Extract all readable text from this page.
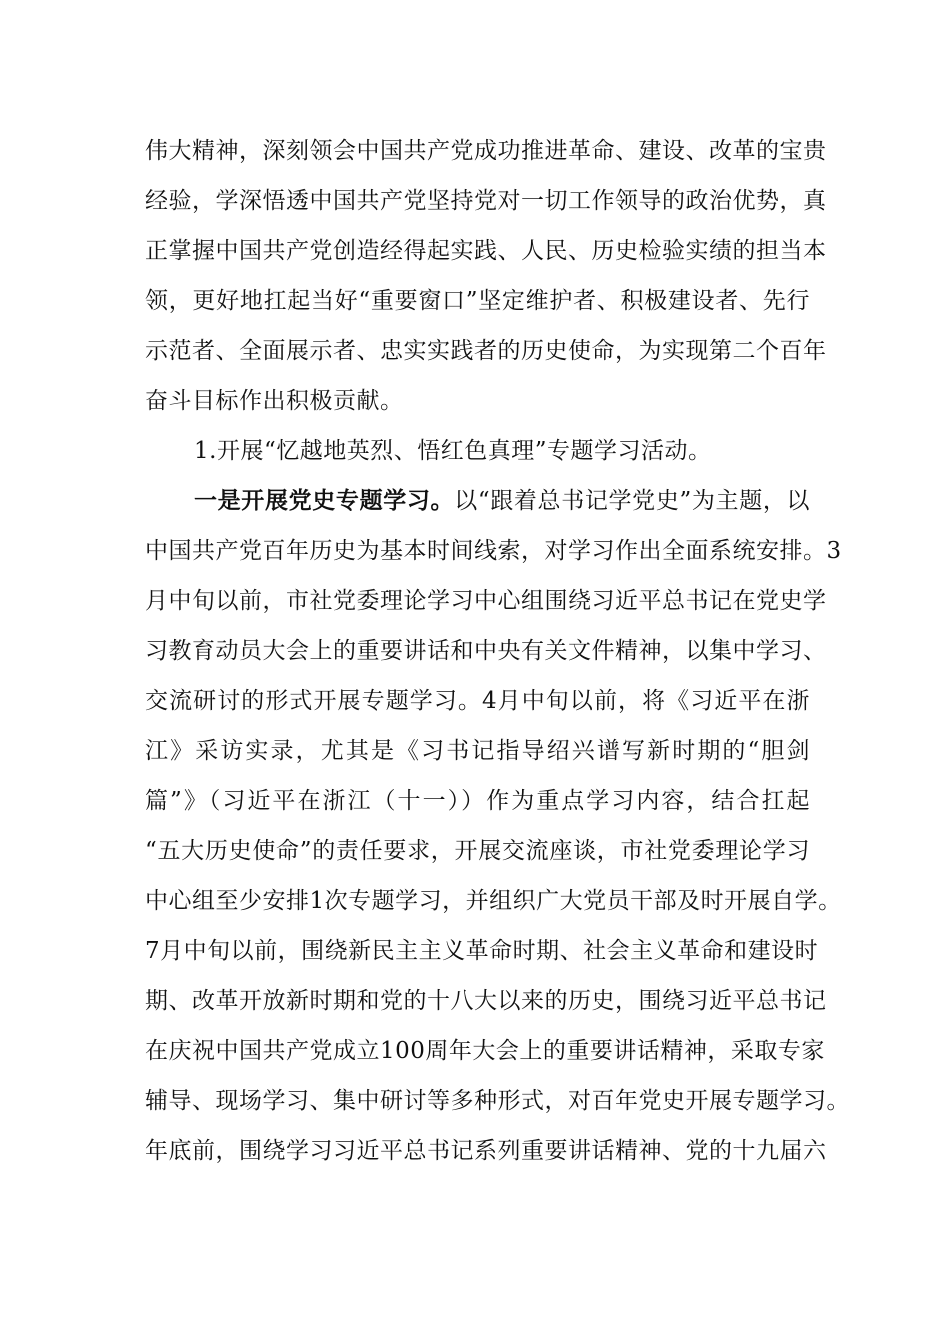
伟大精神，深刻领会中国共产党成功推进革命、建设、改革的宝贵
经验，学深悟透中国共产党坚持党对一切工作领导的政治优势，真
正掌握中国共产党创造经得起实践、人民、历史检验实绩的担当本
领，更好地扛起当好“重要窗口”坚定维护者、积极建设者、先行
示范者、全面展示者、忠实实践者的历史使命，为实现第二个百年
奋斗目标作出积极贡献。
1.开展“忆越地英烈、悟红色真理”专题学习活动。
一是开展党史专题学习。以“跟着总书记学党史”为主题，以
中国共产党百年历史为基本时间线索，对学习作出全面系统安排。3
月中旬以前，市社党委理论学习中心组围绕习近平总书记在党史学
习教育动员大会上的重要讲话和中央有关文件精神，以集中学习、
交流研讨的形式开展专题学习。4月中旬以前，将《习近平在浙
江》采访实录，尤其是《习书记指导绍兴谱写新时期的“胆剑
篇”》（习近平在浙江（十一））作为重点学习内容，结合扛起
“五大历史使命”的责任要求，开展交流座谈，市社党委理论学习
中心组至少安排1次专题学习，并组织广大党员干部及时开展自学。
7月中旬以前，围绕新民主主义革命时期、社会主义革命和建设时
期、改革开放新时期和党的十八大以来的历史，围绕习近平总书记
在庆祝中国共产党成立100周年大会上的重要讲话精神，采取专家
辅导、现场学习、集中研讨等多种形式，对百年党史开展专题学习。
年底前，围绕学习习近平总书记系列重要讲话精神、党的十九届六
